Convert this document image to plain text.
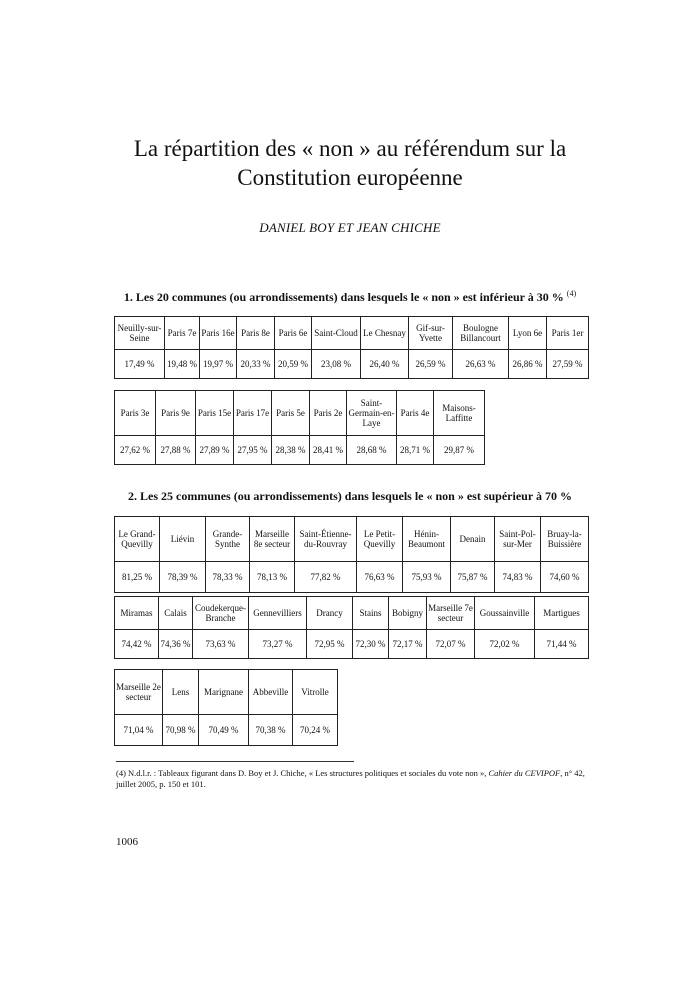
La répartition des « non » au référendum sur la
Constitution européenne
DANIEL BOY ET JEAN CHICHE
1. Les 20 communes (ou arrondissements) dans lesquels le « non » est inférieur à 30 % $^{(4)}$
Neuilly-sur-Seine	Paris 7e	Paris 16e	Paris 8e	Paris 6e	Saint-Cloud	Le Chesnay	Gif-sur-Yvette	Boulogne Billancourt	Lyon 6e	Paris 1er
17,49 %	19,48 %	19,97 %	20,33 %	20,59 %	23,08 %	26,40 %	26,59 %	26,63 %	26,86 %	27,59 %
Paris 3e	Paris 9e	Paris 15e	Paris 17e	Paris 5e	Paris 2e	Saint-Germain-en-Laye	Paris 4e	Maisons-Laffitte
27,62 %	27,88 %	27,89 %	27,95 %	28,38 %	28,41 %	28,68 %	28,71 %	29,87 %
2. Les 25 communes (ou arrondissements) dans lesquels le « non » est supérieur à 70 %
Le Grand-Quevilly	Liévin	Grande-Synthe	Marseille 8e secteur	Saint-Étienne-du-Rouvray	Le Petit-Quevilly	Hénin-Beaumont	Denain	Saint-Pol-sur-Mer	Bruay-la-Buissière
81,25 %	78,39 %	78,33 %	78,13 %	77,82 %	76,63 %	75,93 %	75,87 %	74,83 %	74,60 %
Miramas	Calais	Coudekerque-Branche	Gennevilliers	Drancy	Stains	Bobigny	Marseille 7e secteur	Goussainville	Martigues
74,42 %	74,36 %	73,63 %	73,27 %	72,95 %	72,30 %	72,17 %	72,07 %	72,02 %	71,44 %
Marseille 2e secteur	Lens	Marignane	Abbeville	Vitrolle
71,04 %	70,98 %	70,49 %	70,38 %	70,24 %
(4) N.d.l.r. : Tableaux figurant dans D. Boy et J. Chiche, « Les structures politiques et sociales du vote non », Cahier du CEVIPOF, n° 42, juillet 2005, p. 150 et 101.
1006
